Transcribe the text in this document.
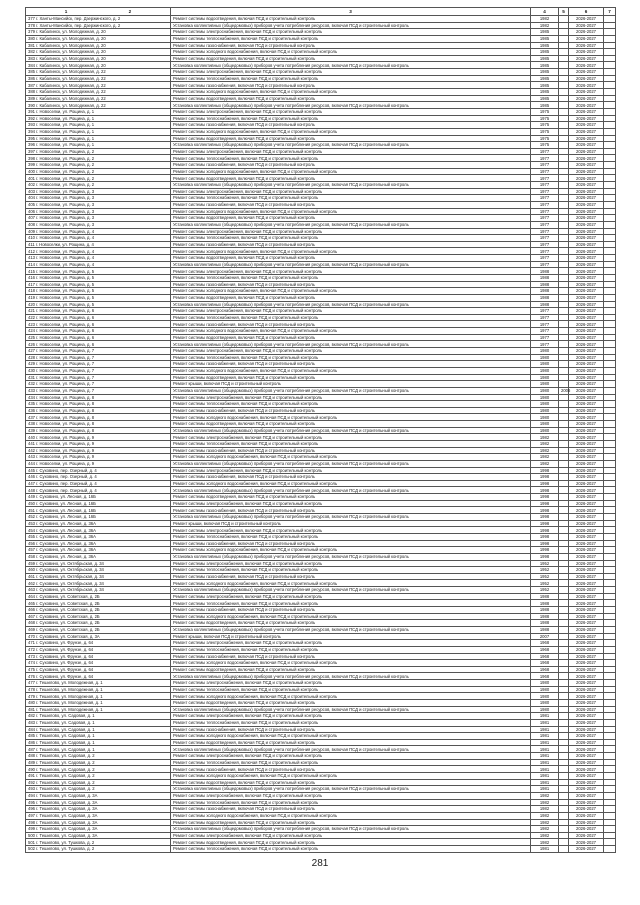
1 2	3	4	5	6	7
377 г. Ханты-Мансийск, пер. Дзержинского, д. 2	Ремонт системы водоотведения, включая ПСД и строительный контроль	1982		2026-2027	
378 г. Ханты-Мансийск, пер. Дзержинского, д. 2	Установка коллективных (общедомовых) приборов учета потребления ресурсов, включая ПСД и строительный контроль	1982		2026-2027	
379 г. Кабалинск, ул. Молодежная, д. 20	Ремонт системы электроснабжения, включая ПСД и строительный контроль	1985		2026-2027	
380 г. Кабалинск, ул. Молодежная, д. 20	Ремонт системы теплоснабжения, включая ПСД и строительный контроль	1985		2026-2027	
381 г. Кабалинск, ул. Молодежная, д. 20	Ремонт системы газоснабжения, включая ПСД и строительный контроль	1985		2026-2027	
382 г. Кабалинск, ул. Молодежная, д. 20	Ремонт системы холодного водоснабжения, включая ПСД и строительный контроль	1985		2026-2027	
383 г. Кабалинск, ул. Молодежная, д. 20	Ремонт системы водоотведения, включая ПСД и строительный контроль	1985		2026-2027	
384 г. Кабалинск, ул. Молодежная, д. 20	Установка коллективных (общедомовых) приборов учета потребления ресурсов, включая ПСД и строительный контроль	1985		2026-2027	
385 г. Кабалинск, ул. Молодежная, д. 22	Ремонт системы электроснабжения, включая ПСД и строительный контроль	1985		2026-2027	
386 г. Кабалинск, ул. Молодежная, д. 22	Ремонт системы теплоснабжения, включая ПСД и строительный контроль	1985		2026-2027	
387 г. Кабалинск, ул. Молодежная, д. 22	Ремонт системы газоснабжения, включая ПСД и строительный контроль	1985		2026-2027	
388 г. Кабалинск, ул. Молодежная, д. 22	Ремонт системы холодного водоснабжения, включая ПСД и строительный контроль	1985		2026-2027	
389 г. Кабалинск, ул. Молодежная, д. 22	Ремонт системы водоотведения, включая ПСД и строительный контроль	1985		2026-2027	
390 г. Кабалинск, ул. Молодежная, д. 22	Установка коллективных (общедомовых) приборов учета потребления ресурсов, включая ПСД и строительный контроль	1985		2026-2027	
391 г. Новоселки, ул. Рощина, д. 1	Ремонт системы электроснабжения, включая ПСД и строительный контроль	1975		2026-2027	
392 г. Новоселки, ул. Рощина, д. 1	Ремонт системы теплоснабжения, включая ПСД и строительный контроль	1975		2026-2027	
393 г. Новоселки, ул. Рощина, д. 1	Ремонт системы газоснабжения, включая ПСД и строительный контроль	1975		2026-2027	
394 г. Новоселки, ул. Рощина, д. 1	Ремонт системы холодного водоснабжения, включая ПСД и строительный контроль	1975		2026-2027	
395 г. Новоселки, ул. Рощина, д. 1	Ремонт системы водоотведения, включая ПСД и строительный контроль	1975		2026-2027	
396 г. Новоселки, ул. Рощина, д. 1	Установка коллективных (общедомовых) приборов учета потребления ресурсов, включая ПСД и строительный контроль	1975		2026-2027	
397 г. Новоселки, ул. Рощина, д. 2	Ремонт системы электроснабжения, включая ПСД и строительный контроль	1977		2026-2027	
398 г. Новоселки, ул. Рощина, д. 2	Ремонт системы теплоснабжения, включая ПСД и строительный контроль	1977		2026-2027	
399 г. Новоселки, ул. Рощина, д. 2	Ремонт системы газоснабжения, включая ПСД и строительный контроль	1977		2026-2027	
400 г. Новоселки, ул. Рощина, д. 2	Ремонт системы холодного водоснабжения, включая ПСД и строительный контроль	1977		2026-2027	
401 г. Новоселки, ул. Рощина, д. 2	Ремонт системы водоотведения, включая ПСД и строительный контроль	1977		2026-2027	
402 г. Новоселки, ул. Рощина, д. 2	Установка коллективных (общедомовых) приборов учета потребления ресурсов, включая ПСД и строительный контроль	1977		2026-2027	
403 г. Новоселки, ул. Рощина, д. 3	Ремонт системы электроснабжения, включая ПСД и строительный контроль	1977		2026-2027	
404 г. Новоселки, ул. Рощина, д. 3	Ремонт системы теплоснабжения, включая ПСД и строительный контроль	1977		2026-2027	
405 г. Новоселки, ул. Рощина, д. 3	Ремонт системы газоснабжения, включая ПСД и строительный контроль	1977		2026-2027	
406 г. Новоселки, ул. Рощина, д. 3	Ремонт системы холодного водоснабжения, включая ПСД и строительный контроль	1977		2026-2027	
407 г. Новоселки, ул. Рощина, д. 3	Ремонт системы водоотведения, включая ПСД и строительный контроль	1977		2026-2027	
408 г. Новоселки, ул. Рощина, д. 3	Установка коллективных (общедомовых) приборов учета потребления ресурсов, включая ПСД и строительный контроль	1977		2026-2027	
409 г. Новоселки, ул. Рощина, д. 4	Ремонт системы электроснабжения, включая ПСД и строительный контроль	1977		2026-2027	
410 г. Новоселки, ул. Рощина, д. 4	Ремонт системы теплоснабжения, включая ПСД и строительный контроль	1977		2026-2027	
411 г. Новоселки, ул. Рощина, д. 4	Ремонт системы газоснабжения, включая ПСД и строительный контроль	1977		2026-2027	
412 г. Новоселки, ул. Рощина, д. 4	Ремонт системы холодного водоснабжения, включая ПСД и строительный контроль	1977		2026-2027	
413 г. Новоселки, ул. Рощина, д. 4	Ремонт системы водоотведения, включая ПСД и строительный контроль	1977		2026-2027	
414 г. Новоселки, ул. Рощина, д. 4	Установка коллективных (общедомовых) приборов учета потребления ресурсов, включая ПСД и строительный контроль	1977		2026-2027	
415 г. Новоселки, ул. Рощина, д. 5	Ремонт системы электроснабжения, включая ПСД и строительный контроль	1988		2026-2027	
416 г. Новоселки, ул. Рощина, д. 5	Ремонт системы теплоснабжения, включая ПСД и строительный контроль	1988		2026-2027	
417 г. Новоселки, ул. Рощина, д. 5	Ремонт системы газоснабжения, включая ПСД и строительный контроль	1988		2026-2027	
418 г. Новоселки, ул. Рощина, д. 5	Ремонт системы холодного водоснабжения, включая ПСД и строительный контроль	1988		2026-2027	
419 г. Новоселки, ул. Рощина, д. 5	Ремонт системы водоотведения, включая ПСД и строительный контроль	1988		2026-2027	
420 г. Новоселки, ул. Рощина, д. 5	Установка коллективных (общедомовых) приборов учета потребления ресурсов, включая ПСД и строительный контроль	1988		2026-2027	
421 г. Новоселки, ул. Рощина, д. 6	Ремонт системы электроснабжения, включая ПСД и строительный контроль	1977		2026-2027	
422 г. Новоселки, ул. Рощина, д. 6	Ремонт системы теплоснабжения, включая ПСД и строительный контроль	1977		2026-2027	
423 г. Новоселки, ул. Рощина, д. 6	Ремонт системы газоснабжения, включая ПСД и строительный контроль	1977		2026-2027	
424 г. Новоселки, ул. Рощина, д. 6	Ремонт системы холодного водоснабжения, включая ПСД и строительный контроль	1977		2026-2027	
425 г. Новоселки, ул. Рощина, д. 6	Ремонт системы водоотведения, включая ПСД и строительный контроль	1977		2026-2027	
426 г. Новоселки, ул. Рощина, д. 6	Установка коллективных (общедомовых) приборов учета потребления ресурсов, включая ПСД и строительный контроль	1977		2026-2027	
427 г. Новоселки, ул. Рощина, д. 7	Ремонт системы электроснабжения, включая ПСД и строительный контроль	1980		2026-2027	
428 г. Новоселки, ул. Рощина, д. 7	Ремонт системы теплоснабжения, включая ПСД и строительный контроль	1980		2026-2027	
429 г. Новоселки, ул. Рощина, д. 7	Ремонт системы газоснабжения, включая ПСД и строительный контроль	1980		2026-2027	
430 г. Новоселки, ул. Рощина, д. 7	Ремонт системы холодного водоснабжения, включая ПСД и строительный контроль	1980		2026-2027	
431 г. Новоселки, ул. Рощина, д. 7	Ремонт системы водоотведения, включая ПСД и строительный контроль	1980		2026-2027	
432 г. Новоселки, ул. Рощина, д. 7	Ремонт крыши, включая ПСД и строительный контроль	1980		2026-2027	
433 г. Новоселки, ул. Рощина, д. 7	Установка коллективных (общедомовых) приборов учета потребления ресурсов, включая ПСД и строительный контроль	1980	2006	2026-2027	
434 г. Новоселки, ул. Рощина, д. 8	Ремонт системы электроснабжения, включая ПСД и строительный контроль	1980		2026-2027	
435 г. Новоселки, ул. Рощина, д. 8	Ремонт системы теплоснабжения, включая ПСД и строительный контроль	1980		2026-2027	
436 г. Новоселки, ул. Рощина, д. 8	Ремонт системы газоснабжения, включая ПСД и строительный контроль	1980		2026-2027	
437 г. Новоселки, ул. Рощина, д. 8	Ремонт системы холодного водоснабжения, включая ПСД и строительный контроль	1980		2026-2027	
438 г. Новоселки, ул. Рощина, д. 8	Ремонт системы водоотведения, включая ПСД и строительный контроль	1980		2026-2027	
439 г. Новоселки, ул. Рощина, д. 8	Установка коллективных (общедомовых) приборов учета потребления ресурсов, включая ПСД и строительный контроль	1980		2026-2027	
440 г. Новоселки, ул. Рощина, д. 9	Ремонт системы электроснабжения, включая ПСД и строительный контроль	1982		2026-2027	
441 г. Новоселки, ул. Рощина, д. 9	Ремонт системы теплоснабжения, включая ПСД и строительный контроль	1982		2026-2027	
442 г. Новоселки, ул. Рощина, д. 9	Ремонт системы газоснабжения, включая ПСД и строительный контроль	1982		2026-2027	
443 г. Новоселки, ул. Рощина, д. 9	Ремонт системы холодного водоснабжения, включая ПСД и строительный контроль	1982		2026-2027	
444 г. Новоселки, ул. Рощина, д. 9	Установка коллективных (общедомовых) приборов учета потребления ресурсов, включая ПСД и строительный контроль	1982		2026-2027	
445 г. Суховино, пер. Озерный, д. 4	Ремонт системы электроснабжения, включая ПСД и строительный контроль	1998		2026-2027	
446 г. Суховино, пер. Озерный, д. 4	Ремонт системы газоснабжения, включая ПСД и строительный контроль	1998		2026-2027	
447 г. Суховино, пер. Озерный, д. 4	Ремонт системы холодного водоснабжения, включая ПСД и строительный контроль	1998		2026-2027	
448 г. Суховино, пер. Озерный, д. 4	Установка коллективных (общедомовых) приборов учета потребления ресурсов, включая ПСД и строительный контроль	1998		2026-2027	
449 г. Суховино, ул. Лесная, д. 16Б	Ремонт системы водоотведения, включая ПСД и строительный контроль	1998		2026-2027	
450 г. Суховино, ул. Лесная, д. 16Б	Ремонт системы электроснабжения, включая ПСД и строительный контроль	1998		2026-2027	
451 г. Суховино, ул. Лесная, д. 16Б	Ремонт системы газоснабжения, включая ПСД и строительный контроль	1998		2026-2027	
452 г. Суховино, ул. Лесная, д. 16Б	Установка коллективных (общедомовых) приборов учета потребления ресурсов, включая ПСД и строительный контроль	1998		2026-2027	
453 г. Суховино, ул. Лесная, д. 36А	Ремонт крыши, включая ПСД и строительный контроль	1998		2026-2027	
454 г. Суховино, ул. Лесная, д. 36А	Ремонт системы электроснабжения, включая ПСД и строительный контроль	1998		2026-2027	
455 г. Суховино, ул. Лесная, д. 36А	Ремонт системы теплоснабжения, включая ПСД и строительный контроль	1998		2026-2027	
456 г. Суховино, ул. Лесная, д. 36А	Ремонт системы газоснабжения, включая ПСД и строительный контроль	1998		2026-2027	
457 г. Суховино, ул. Лесная, д. 36А	Ремонт системы холодного водоснабжения, включая ПСД и строительный контроль	1998		2026-2027	
458 г. Суховино, ул. Лесная, д. 36А	Установка коллективных (общедомовых) приборов учета потребления ресурсов, включая ПСД и строительный контроль	1998		2026-2027	
459 г. Суховино, ул. Октябрьская, д. 34	Ремонт системы электроснабжения, включая ПСД и строительный контроль	1952		2026-2027	
460 г. Суховино, ул. Октябрьская, д. 34	Ремонт системы теплоснабжения, включая ПСД и строительный контроль	1952		2026-2027	
461 г. Суховино, ул. Октябрьская, д. 34	Ремонт системы газоснабжения, включая ПСД и строительный контроль	1952		2026-2027	
462 г. Суховино, ул. Октябрьская, д. 34	Ремонт системы холодного водоснабжения, включая ПСД и строительный контроль	1952		2026-2027	
463 г. Суховино, ул. Октябрьская, д. 34	Установка коллективных (общедомовых) приборов учета потребления ресурсов, включая ПСД и строительный контроль	1952		2026-2027	
464 г. Суховино, ул. Советская, д. 2Б	Ремонт системы электроснабжения, включая ПСД и строительный контроль	1988		2026-2027	
465 г. Суховино, ул. Советская, д. 2Б	Ремонт системы теплоснабжения, включая ПСД и строительный контроль	1988		2026-2027	
466 г. Суховино, ул. Советская, д. 2Б	Ремонт системы газоснабжения, включая ПСД и строительный контроль	1988		2026-2027	
467 г. Суховино, ул. Советская, д. 2Б	Ремонт системы холодного водоснабжения, включая ПСД и строительный контроль	1988		2026-2027	
468 г. Суховино, ул. Советская, д. 2Б	Ремонт системы водоотведения, включая ПСД и строительный контроль	1988		2026-2027	
469 г. Суховино, ул. Советская, д. 2Б	Установка коллективных (общедомовых) приборов учета потребления ресурсов, включая ПСД и строительный контроль	1988		2026-2027	
470 г. Суховино, ул. Советская, д. 3А	Ремонт крыши, включая ПСД и строительный контроль	2007		2026-2027	
471 г. Суховино, ул. Фрунзе, д. 64	Ремонт системы электроснабжения, включая ПСД и строительный контроль	1968		2026-2027	
472 г. Суховино, ул. Фрунзе, д. 64	Ремонт системы теплоснабжения, включая ПСД и строительный контроль	1968		2026-2027	
473 г. Суховино, ул. Фрунзе, д. 64	Ремонт системы газоснабжения, включая ПСД и строительный контроль	1968		2026-2027	
474 г. Суховино, ул. Фрунзе, д. 64	Ремонт системы холодного водоснабжения, включая ПСД и строительный контроль	1968		2026-2027	
475 г. Суховино, ул. Фрунзе, д. 64	Ремонт системы водоотведения, включая ПСД и строительный контроль	1968		2026-2027	
476 г. Суховино, ул. Фрунзе, д. 64	Установка коллективных (общедомовых) приборов учета потребления ресурсов, включая ПСД и строительный контроль	1968		2026-2027	
477 г. Тешилово, ул. Молодежная, д. 1	Ремонт системы электроснабжения, включая ПСД и строительный контроль	1980		2026-2027	
478 г. Тешилово, ул. Молодежная, д. 1	Ремонт системы теплоснабжения, включая ПСД и строительный контроль	1980		2026-2027	
479 г. Тешилово, ул. Молодежная, д. 1	Ремонт системы холодного водоснабжения, включая ПСД и строительный контроль	1980		2026-2027	
480 г. Тешилово, ул. Молодежная, д. 1	Ремонт системы водоотведения, включая ПСД и строительный контроль	1980		2026-2027	
481 г. Тешилово, ул. Молодежная, д. 1	Установка коллективных (общедомовых) приборов учета потребления ресурсов, включая ПСД и строительный контроль	1980		2026-2027	
482 г. Тешилово, ул. Садовая, д. 1	Ремонт системы электроснабжения, включая ПСД и строительный контроль	1981		2026-2027	
483 г. Тешилово, ул. Садовая, д. 1	Ремонт системы теплоснабжения, включая ПСД и строительный контроль	1981		2026-2027	
484 г. Тешилово, ул. Садовая, д. 1	Ремонт системы газоснабжения, включая ПСД и строительный контроль	1981		2026-2027	
485 г. Тешилово, ул. Садовая, д. 1	Ремонт системы холодного водоснабжения, включая ПСД и строительный контроль	1981		2026-2027	
486 г. Тешилово, ул. Садовая, д. 1	Ремонт системы водоотведения, включая ПСД и строительный контроль	1981		2026-2027	
487 г. Тешилово, ул. Садовая, д. 1	Установка коллективных (общедомовых) приборов учета потребления ресурсов, включая ПСД и строительный контроль	1981		2026-2027	
488 г. Тешилово, ул. Садовая, д. 2	Ремонт системы электроснабжения, включая ПСД и строительный контроль	1981		2026-2027	
489 г. Тешилово, ул. Садовая, д. 2	Ремонт системы теплоснабжения, включая ПСД и строительный контроль	1981		2026-2027	
490 г. Тешилово, ул. Садовая, д. 2	Ремонт системы газоснабжения, включая ПСД и строительный контроль	1981		2026-2027	
491 г. Тешилово, ул. Садовая, д. 2	Ремонт системы холодного водоснабжения, включая ПСД и строительный контроль	1981		2026-2027	
492 г. Тешилово, ул. Садовая, д. 2	Ремонт системы водоотведения, включая ПСД и строительный контроль	1981		2026-2027	
493 г. Тешилово, ул. Садовая, д. 2	Установка коллективных (общедомовых) приборов учета потребления ресурсов, включая ПСД и строительный контроль	1981		2026-2027	
494 г. Тешилово, ул. Садовая, д. 3А	Ремонт системы электроснабжения, включая ПСД и строительный контроль	1982		2026-2027	
495 г. Тешилово, ул. Садовая, д. 3А	Ремонт системы теплоснабжения, включая ПСД и строительный контроль	1982		2026-2027	
496 г. Тешилово, ул. Садовая, д. 3А	Ремонт системы газоснабжения, включая ПСД и строительный контроль	1982		2026-2027	
497 г. Тешилово, ул. Садовая, д. 3А	Ремонт системы холодного водоснабжения, включая ПСД и строительный контроль	1982		2026-2027	
498 г. Тешилово, ул. Садовая, д. 3А	Ремонт системы водоотведения, включая ПСД и строительный контроль	1982		2026-2027	
499 г. Тешилово, ул. Садовая, д. 3А	Установка коллективных (общедомовых) приборов учета потребления ресурсов, включая ПСД и строительный контроль	1982		2026-2027	
500 г. Тешилово, ул. Садовая, д. 3А	Ремонт системы электроснабжения, включая ПСД и строительный контроль	1982		2026-2027	
501 г. Тешилово, ул. Тушкова, д. 2	Ремонт системы водоотведения, включая ПСД и строительный контроль	1982		2026-2027	
502 г. Тешилово, ул. Тушкова, д. 2	Ремонт системы теплоснабжения, включая ПСД и строительный контроль	1981		2026-2027	
281
